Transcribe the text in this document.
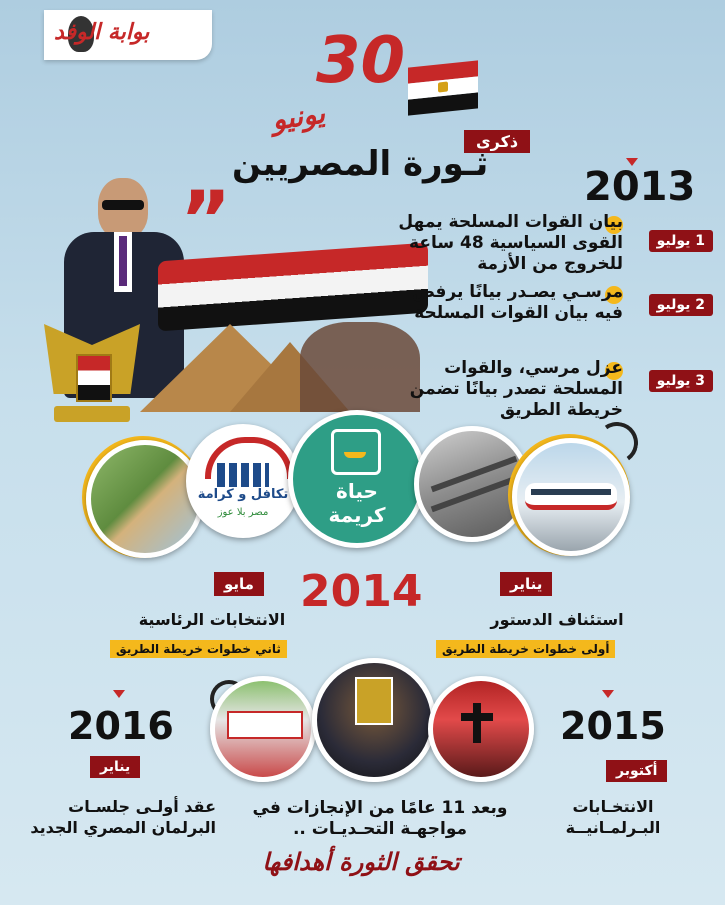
بوابة الوفد	30
يونيو
ذكرى
ثـورة المصريين
”	2013
1 يوليو
بيان القوات المسلحة يمهل القوى السياسية 48 ساعة للخروج من الأزمة
2 يوليو
مرسـي يصـدر بيانًا يرفض فيه بيان القوات المسلحة
3 يوليو
عزل مرسي، والقوات المسلحة تصدر بيانًا تضمن خريطة الطريق
تكافل و كرامة
مصر بلا عوز
حياة
كريمة
يناير
مايو 2014
استئناف الدستور
أولى خطوات خريطة الطريق
الانتخابات الرئاسية
ثاني خطوات خريطة الطريق
2016
يناير
عقد أولـى جلسـات البرلمان المصري الجديد
2015
أكتوبر
الانتخـابات البـرلمـانيــة
وبعد 11 عامًا من الإنجازات في مواجهـة التحـديـات ..
تحقق الثورة أهدافها
